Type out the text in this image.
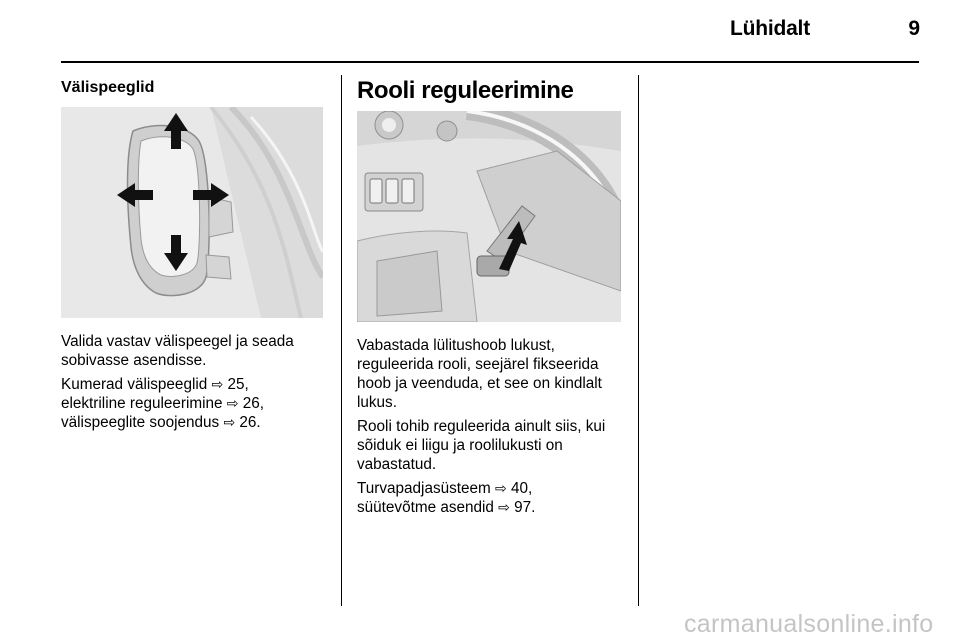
Lühidalt	9
Välispeeglid

Valida vastav välispeegel ja seada sobivasse asendisse.

Kumerad välispeeglid ⇨ 25,
elektriline reguleerimine ⇨ 26,
välispeeglite soojendus ⇨ 26.

Rooli reguleerimine

Vabastada lülitushoob lukust, reguleerida rooli, seejärel fikseerida hoob ja veenduda, et see on kindlalt lukus.

Rooli tohib reguleerida ainult siis, kui sõiduk ei liigu ja roolilukusti on vabastatud.

Turvapadjasüsteem ⇨ 40,
süütevõtme asendid ⇨ 97.

carmanualsonline.info
